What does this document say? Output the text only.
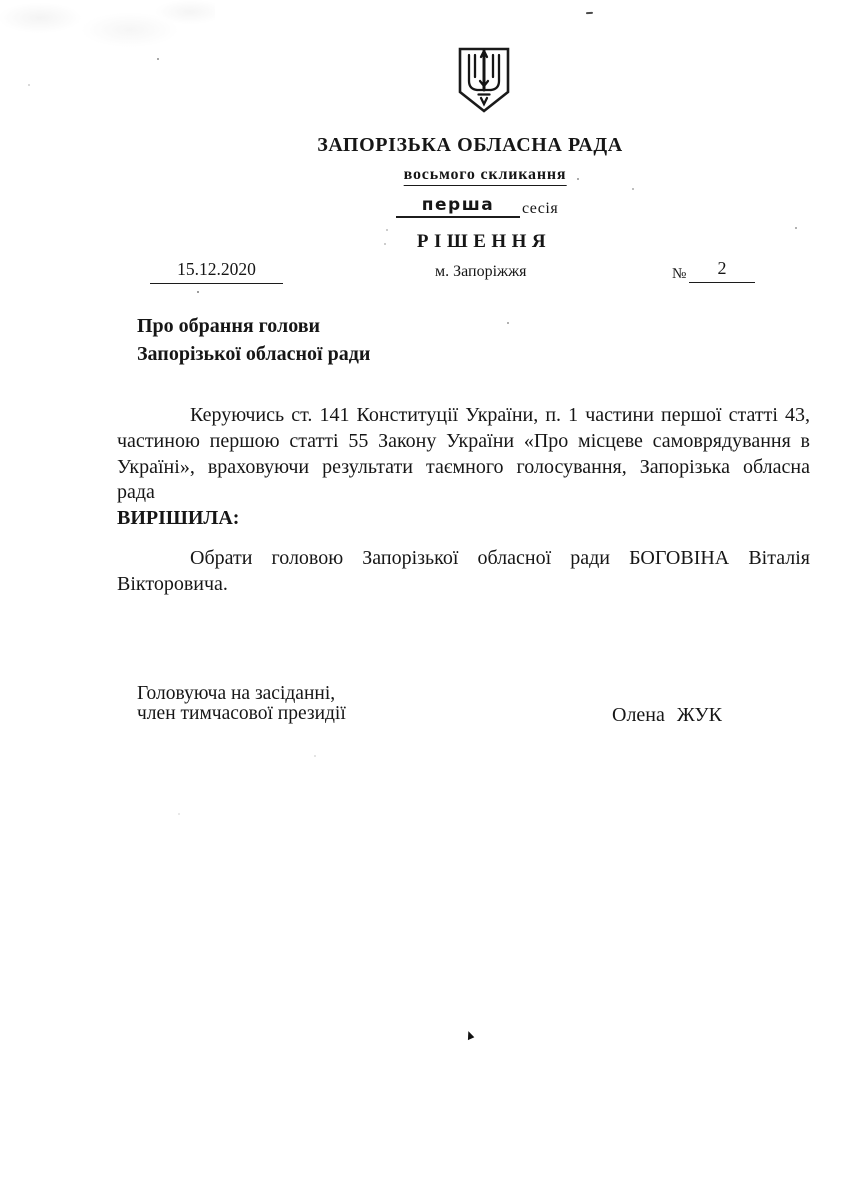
ЗАПОРІЗЬКА ОБЛАСНА РАДА
восьмого скликання
перша	сесія
РІШЕННЯ
15.12.2020	м. Запоріжжя	№	2
Про обрання голови
Запорізької обласної ради
Керуючись ст. 141 Конституції України, п. 1 частини першої статті 43,
частиною першою статті 55 Закону України «Про місцеве самоврядування в
Україні», враховуючи результати таємного голосування, Запорізька обласна
рада
ВИРІШИЛА:
Обрати головою Запорізької обласної ради БОГОВІНА Віталія
Вікторовича.
Головуюча на засіданні,
член тимчасової президії	Олена ЖУК
